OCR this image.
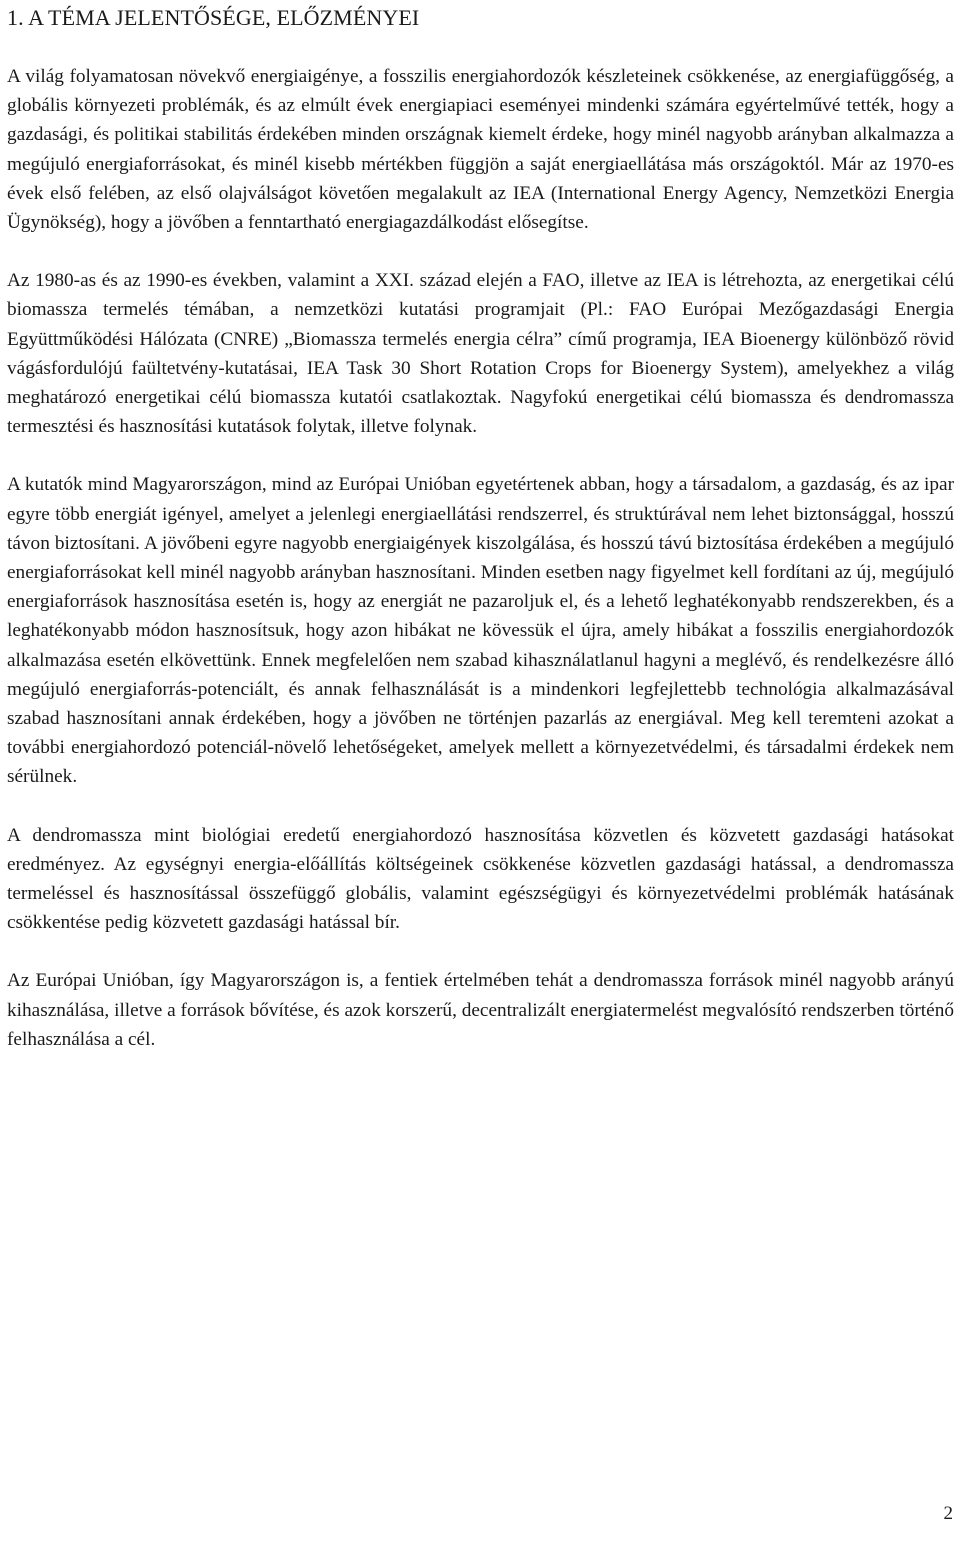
1. A TÉMA JELENTŐSÉGE, ELŐZMÉNYEI

A világ folyamatosan növekvő energiaigénye, a fosszilis energiahordozók készleteinek csökkenése, az energiafüggőség, a globális környezeti problémák, és az elmúlt évek energiapiaci eseményei mindenki számára egyértelművé tették, hogy a gazdasági, és politikai stabilitás érdekében minden országnak kiemelt érdeke, hogy minél nagyobb arányban alkalmazza a megújuló energiaforrásokat, és minél kisebb mértékben függjön a saját energiaellátása más országoktól. Már az 1970-es évek első felében, az első olajválságot követően megalakult az IEA (International Energy Agency, Nemzetközi Energia Ügynökség), hogy a jövőben a fenntartható energiagazdálkodást elősegítse.

Az 1980-as és az 1990-es években, valamint a XXI. század elején a FAO, illetve az IEA is létrehozta, az energetikai célú biomassza termelés témában, a nemzetközi kutatási programjait (Pl.: FAO Európai Mezőgazdasági Energia Együttműködési Hálózata (CNRE) „Biomassza termelés energia célra” című programja, IEA Bioenergy különböző rövid vágásfordulójú faültetvény-kutatásai, IEA Task 30 Short Rotation Crops for Bioenergy System), amelyekhez a világ meghatározó energetikai célú biomassza kutatói csatlakoztak. Nagyfokú energetikai célú biomassza és dendromassza termesztési és hasznosítási kutatások folytak, illetve folynak.

A kutatók mind Magyarországon, mind az Európai Unióban egyetértenek abban, hogy a társadalom, a gazdaság, és az ipar egyre több energiát igényel, amelyet a jelenlegi energiaellátási rendszerrel, és struktúrával nem lehet biztonsággal, hosszú távon biztosítani. A jövőbeni egyre nagyobb energiaigények kiszolgálása, és hosszú távú biztosítása érdekében a megújuló energiaforrásokat kell minél nagyobb arányban hasznosítani. Minden esetben nagy figyelmet kell fordítani az új, megújuló energiaforrások hasznosítása esetén is, hogy az energiát ne pazaroljuk el, és a lehető leghatékonyabb rendszerekben, és a leghatékonyabb módon hasznosítsuk, hogy azon hibákat ne kövessük el újra, amely hibákat a fosszilis energiahordozók alkalmazása esetén elkövettünk. Ennek megfelelően nem szabad kihasználatlanul hagyni a meglévő, és rendelkezésre álló megújuló energiaforrás-potenciált, és annak felhasználását is a mindenkori legfejlettebb technológia alkalmazásával szabad hasznosítani annak érdekében, hogy a jövőben ne történjen pazarlás az energiával. Meg kell teremteni azokat a további energiahordozó potenciál-növelő lehetőségeket, amelyek mellett a környezetvédelmi, és társadalmi érdekek nem sérülnek.

A dendromassza mint biológiai eredetű energiahordozó hasznosítása közvetlen és közvetett gazdasági hatásokat eredményez. Az egységnyi energia-előállítás költségeinek csökkenése közvetlen gazdasági hatással, a dendromassza termeléssel és hasznosítással összefüggő globális, valamint egészségügyi és környezetvédelmi problémák hatásának csökkentése pedig közvetett gazdasági hatással bír.

Az Európai Unióban, így Magyarországon is, a fentiek értelmében tehát a dendromassza források minél nagyobb arányú kihasználása, illetve a források bővítése, és azok korszerű, decentralizált energiatermelést megvalósító rendszerben történő felhasználása a cél.

2
